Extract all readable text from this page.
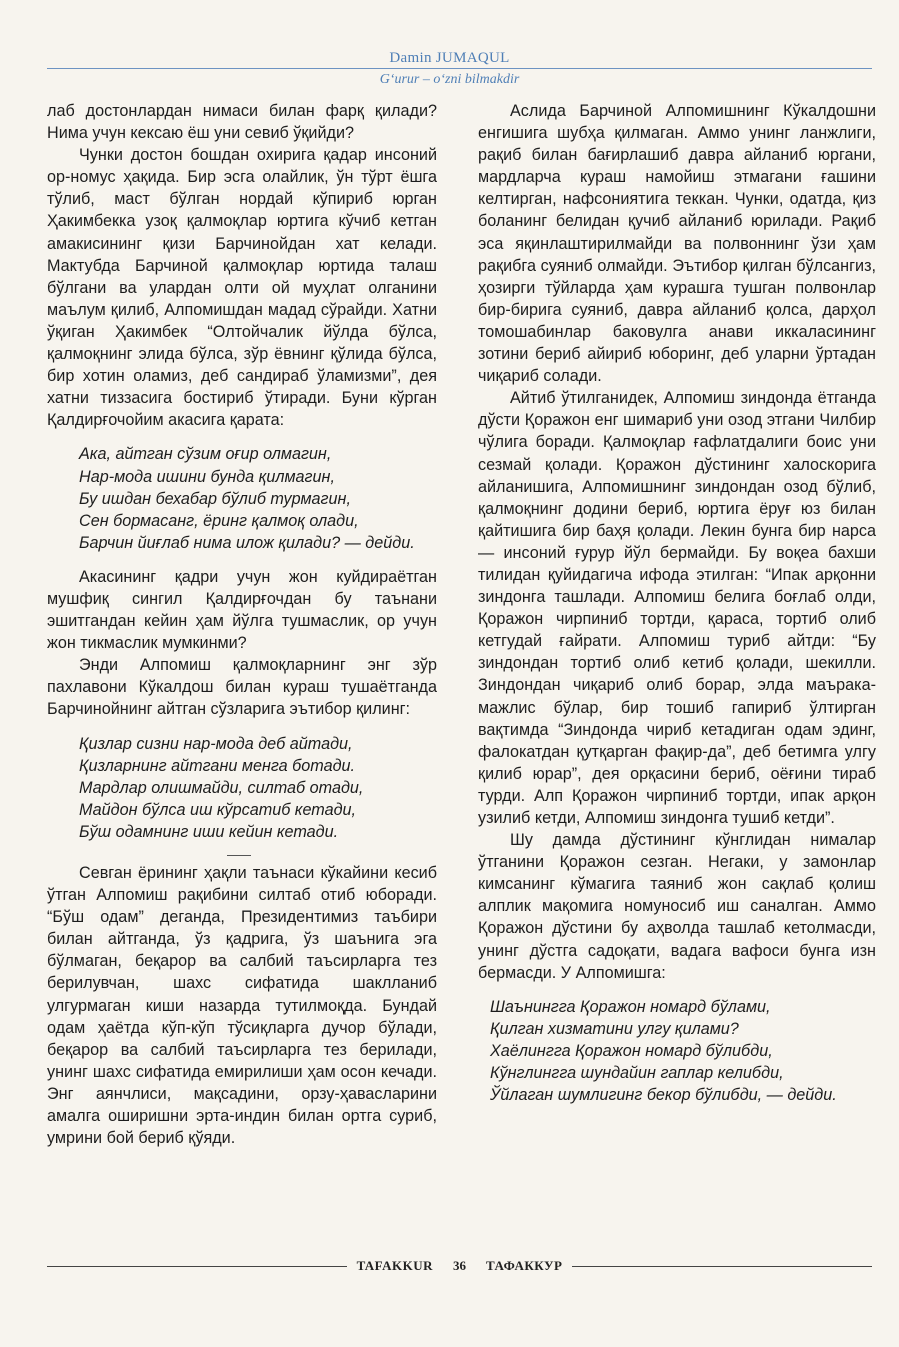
Damin JUMAQUL
G‘urur – o‘zni bilmakdir

лаб достонлардан нимаси билан фарқ қилади? Нима учун кексаю ёш уни севиб ўқийди?

Чунки достон бошдан охирига қадар инсоний ор-номус ҳақида. Бир эсга олайлик, ўн тўрт ёшга тўлиб, маст бўлган нордай кўпириб юрган Ҳакимбекка узоқ қалмоқлар юртига кўчиб кетган амакисининг қизи Барчинойдан хат келади. Мактубда Барчиной қалмоқлар юртида талаш бўлгани ва улардан олти ой муҳлат олганини маълум қилиб, Алпомишдан мадад сўрайди. Хатни ўқиган Ҳакимбек “Олтойчалик йўлда бўлса, қалмоқнинг элида бўлса, зўр ёвнинг қўлида бўлса, бир хотин оламиз, деб сандираб ўламизми”, дея хатни тиззасига бостириб ўтиради. Буни кўрган Қалдирғочойим акасига қарата:

Ака, айтган сўзим оғир олмагин,
Нар-мода ишини бунда қилмагин,
Бу ишдан бехабар бўлиб турмагин,
Сен бормасанг, ёринг қалмоқ олади,
Барчин йиғлаб нима илож қилади? — дейди.

Акасининг қадри учун жон куйдираётган мушфиқ сингил Қалдирғочдан бу таънани эшитгандан кейин ҳам йўлга тушмаслик, ор учун жон тикмаслик мумкинми?

Энди Алпомиш қалмоқларнинг энг зўр пахлавони Кўкалдош билан кураш тушаётганда Барчинойнинг айтган сўзларига эътибор қилинг:

Қизлар сизни нар-мода деб айтади,
Қизларнинг айтгани менга ботади.
Мардлар олишмайди, силтаб отади,
Майдон бўлса иш кўрсатиб кетади,
Бўш одамнинг иши кейин кетади.

Севган ёрининг ҳақли таънаси кўкайини кесиб ўтган Алпомиш рақибини силтаб отиб юборади. “Бўш одам” деганда, Президентимиз таъбири билан айтганда, ўз қадрига, ўз шаънига эга бўлмаган, беқарор ва салбий таъсирларга тез берилувчан, шахс сифатида шаклланиб улгурмаган киши назарда тутилмоқда. Бундай одам ҳаётда кўп-кўп тўсиқларга дучор бўлади, беқарор ва салбий таъсирларга тез берилади, унинг шахс сифатида емирилиши ҳам осон кечади. Энг аянчлиси, мақсадини, орзу-ҳавасларини амалга оширишни эрта-индин билан ортга суриб, умрини бой бериб қўяди.

Аслида Барчиной Алпомишнинг Кўкалдошни енгишига шубҳа қилмаган. Аммо унинг ланжлиги, рақиб билан бағирлашиб давра айланиб юргани, мардларча кураш намойиш этмагани ғашини келтирган, нафсониятига теккан. Чунки, одатда, қиз боланинг белидан қучиб айланиб юрилади. Рақиб эса яқинлаштирилмайди ва полвоннинг ўзи ҳам рақибга суяниб олмайди. Эътибор қилган бўлсангиз, ҳозирги тўйларда ҳам курашга тушган полвонлар бир-бирига суяниб, давра айланиб қолса, дарҳол томошабинлар баковулга анави иккаласининг зотини бериб айириб юборинг, деб уларни ўртадан чиқариб солади.

Айтиб ўтилганидек, Алпомиш зиндонда ётганда дўсти Қоражон енг шимариб уни озод этгани Чилбир чўлига боради. Қалмоқлар ғафлатдалиги боис уни сезмай қолади. Қоражон дўстининг халоскорига айланишига, Алпомишнинг зиндондан озод бўлиб, қалмоқнинг додини бериб, юртига ёруғ юз билан қайтишига бир баҳя қолади. Лекин бунга бир нарса — инсоний ғурур йўл бермайди. Бу воқеа бахши тилидан қуйидагича ифода этилган: “Ипак арқонни зиндонга ташлади. Алпомиш белига боғлаб олди, Қоражон чирпиниб тортди, қараса, тортиб олиб кетгудай ғайрати. Алпомиш туриб айтди: “Бу зиндондан тортиб олиб кетиб қолади, шекилли. Зиндондан чиқариб олиб борар, элда маърака-мажлис бўлар, бир тошиб гапириб ўлтирган вақтимда “Зиндонда чириб кетадиган одам эдинг, фалокатдан қутқарган фақир-да”, деб бетимга улгу қилиб юрар”, дея орқасини бериб, оёғини тираб турди. Алп Қоражон чирпиниб тортди, ипак арқон узилиб кетди, Алпомиш зиндонга тушиб кетди”.

Шу дамда дўстининг кўнглидан нималар ўтганини Қоражон сезган. Негаки, у замонлар кимсанинг кўмагига таяниб жон сақлаб қолиш алплик мақомига номуносиб иш саналган. Аммо Қоражон дўстини бу аҳволда ташлаб кетолмасди, унинг дўстга садоқати, вадага вафоси бунга изн бермасди. У Алпомишга:

Шаънингга Қоражон номард бўлами,
Қилган хизматини улгу қилами?
Хаёлингга Қоражон номард бўлибди,
Кўнглингга шундайин гаплар келибди,
Ўйлаган шумлигинг бекор бўлибди, — дейди.
TAFAKKUR 36 ТАФАККУР
